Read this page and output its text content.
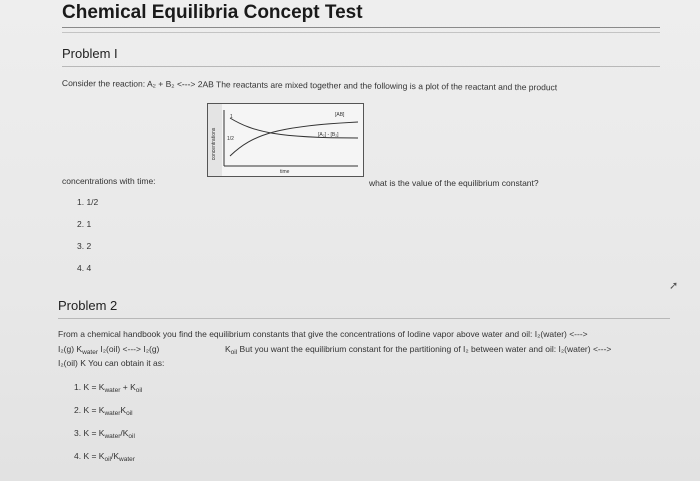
Chemical Equilibria Concept Test
Problem I
Consider the reaction: A₂ + B₂ <---> 2AB The reactants are mixed together and the following is a plot of the reactant and the product
concentrations
1
1/2
[AB]
[A₂] - [B₂]
time
concentrations with time:	what is the value of the equilibrium constant?
1. 1/2
2. 1
3. 2
4. 4
Problem 2
From a chemical handbook you find the equilibrium constants that give the concentrations of Iodine vapor above water and oil: I₂(water) <--->
I₂(g) $K_{water}$ I₂(oil) <---> I₂(g)	$K_{oil}$ But you want the equilibrium constant for the partitioning of I₂ between water and oil: I₂(water) <--->
I₂(oil) K You can obtain it as:
1. $K = K_{water} + K_{oil}$
2. $K = K_{water}K_{oil}$
3. $K = K_{water}/K_{oil}$
4. $K = K_{oil}/K_{water}$
➚
